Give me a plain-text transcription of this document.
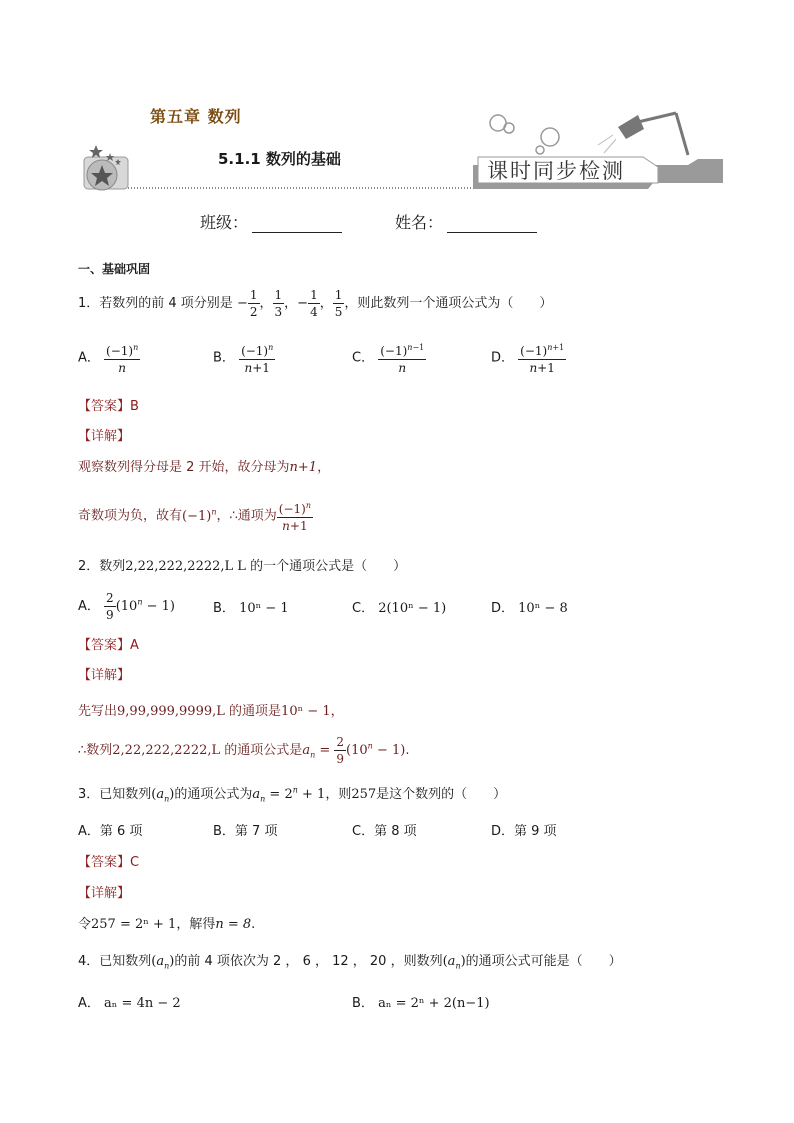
第五章 数列
5.1.1 数列的基础	课时同步检测
班级：	姓名：
一、基础巩固
1．若数列的前 4 项分别是 − $\frac{1}{2}$ ， $\frac{1}{3}$ ，− $\frac{1}{4}$ ， $\frac{1}{5}$ ，则此数列一个通项公式为（　　）
A． $\frac{(-1)^n}{n}$	B． $\frac{(-1)^n}{n+1}$	C． $\frac{(-1)^{n-1}}{n}$	D． $\frac{(-1)^{n+1}}{n+1}$
【答案】B
【详解】
观察数列得分母是 2 开始，故分母为n+1，
奇数项为负，故有$(-1)^n$，∴通项为 $\frac{(-1)^n}{n+1}$
2．数列2,22,222,2222,L L 的一个通项公式是（　　）
A． $\frac{2}{9} (10^n - 1)$	B． 10ⁿ − 1	C． 2(10ⁿ − 1)	D． 10ⁿ − 8
【答案】A
【详解】
先写出9,99,999,9999,L 的通项是10ⁿ − 1，
∴数列2,22,222,2222,L 的通项公式是$a_n = \frac{2}{9} (10^n - 1)$.
3．已知数列$(a_n)$的通项公式为$a_n = 2^n + 1$，则257是这个数列的（　　）
A．第 6 项	B．第 7 项	C．第 8 项	D．第 9 项
【答案】C
【详解】
令257 = 2ⁿ + 1，解得n = 8.
4．已知数列$(a_n)$的前 4 项依次为 2 ， 6 ， 12 ， 20 ，则数列$(a_n)$的通项公式可能是（　　）
A． aₙ = 4n − 2	B． aₙ = 2ⁿ + 2(n−1)
